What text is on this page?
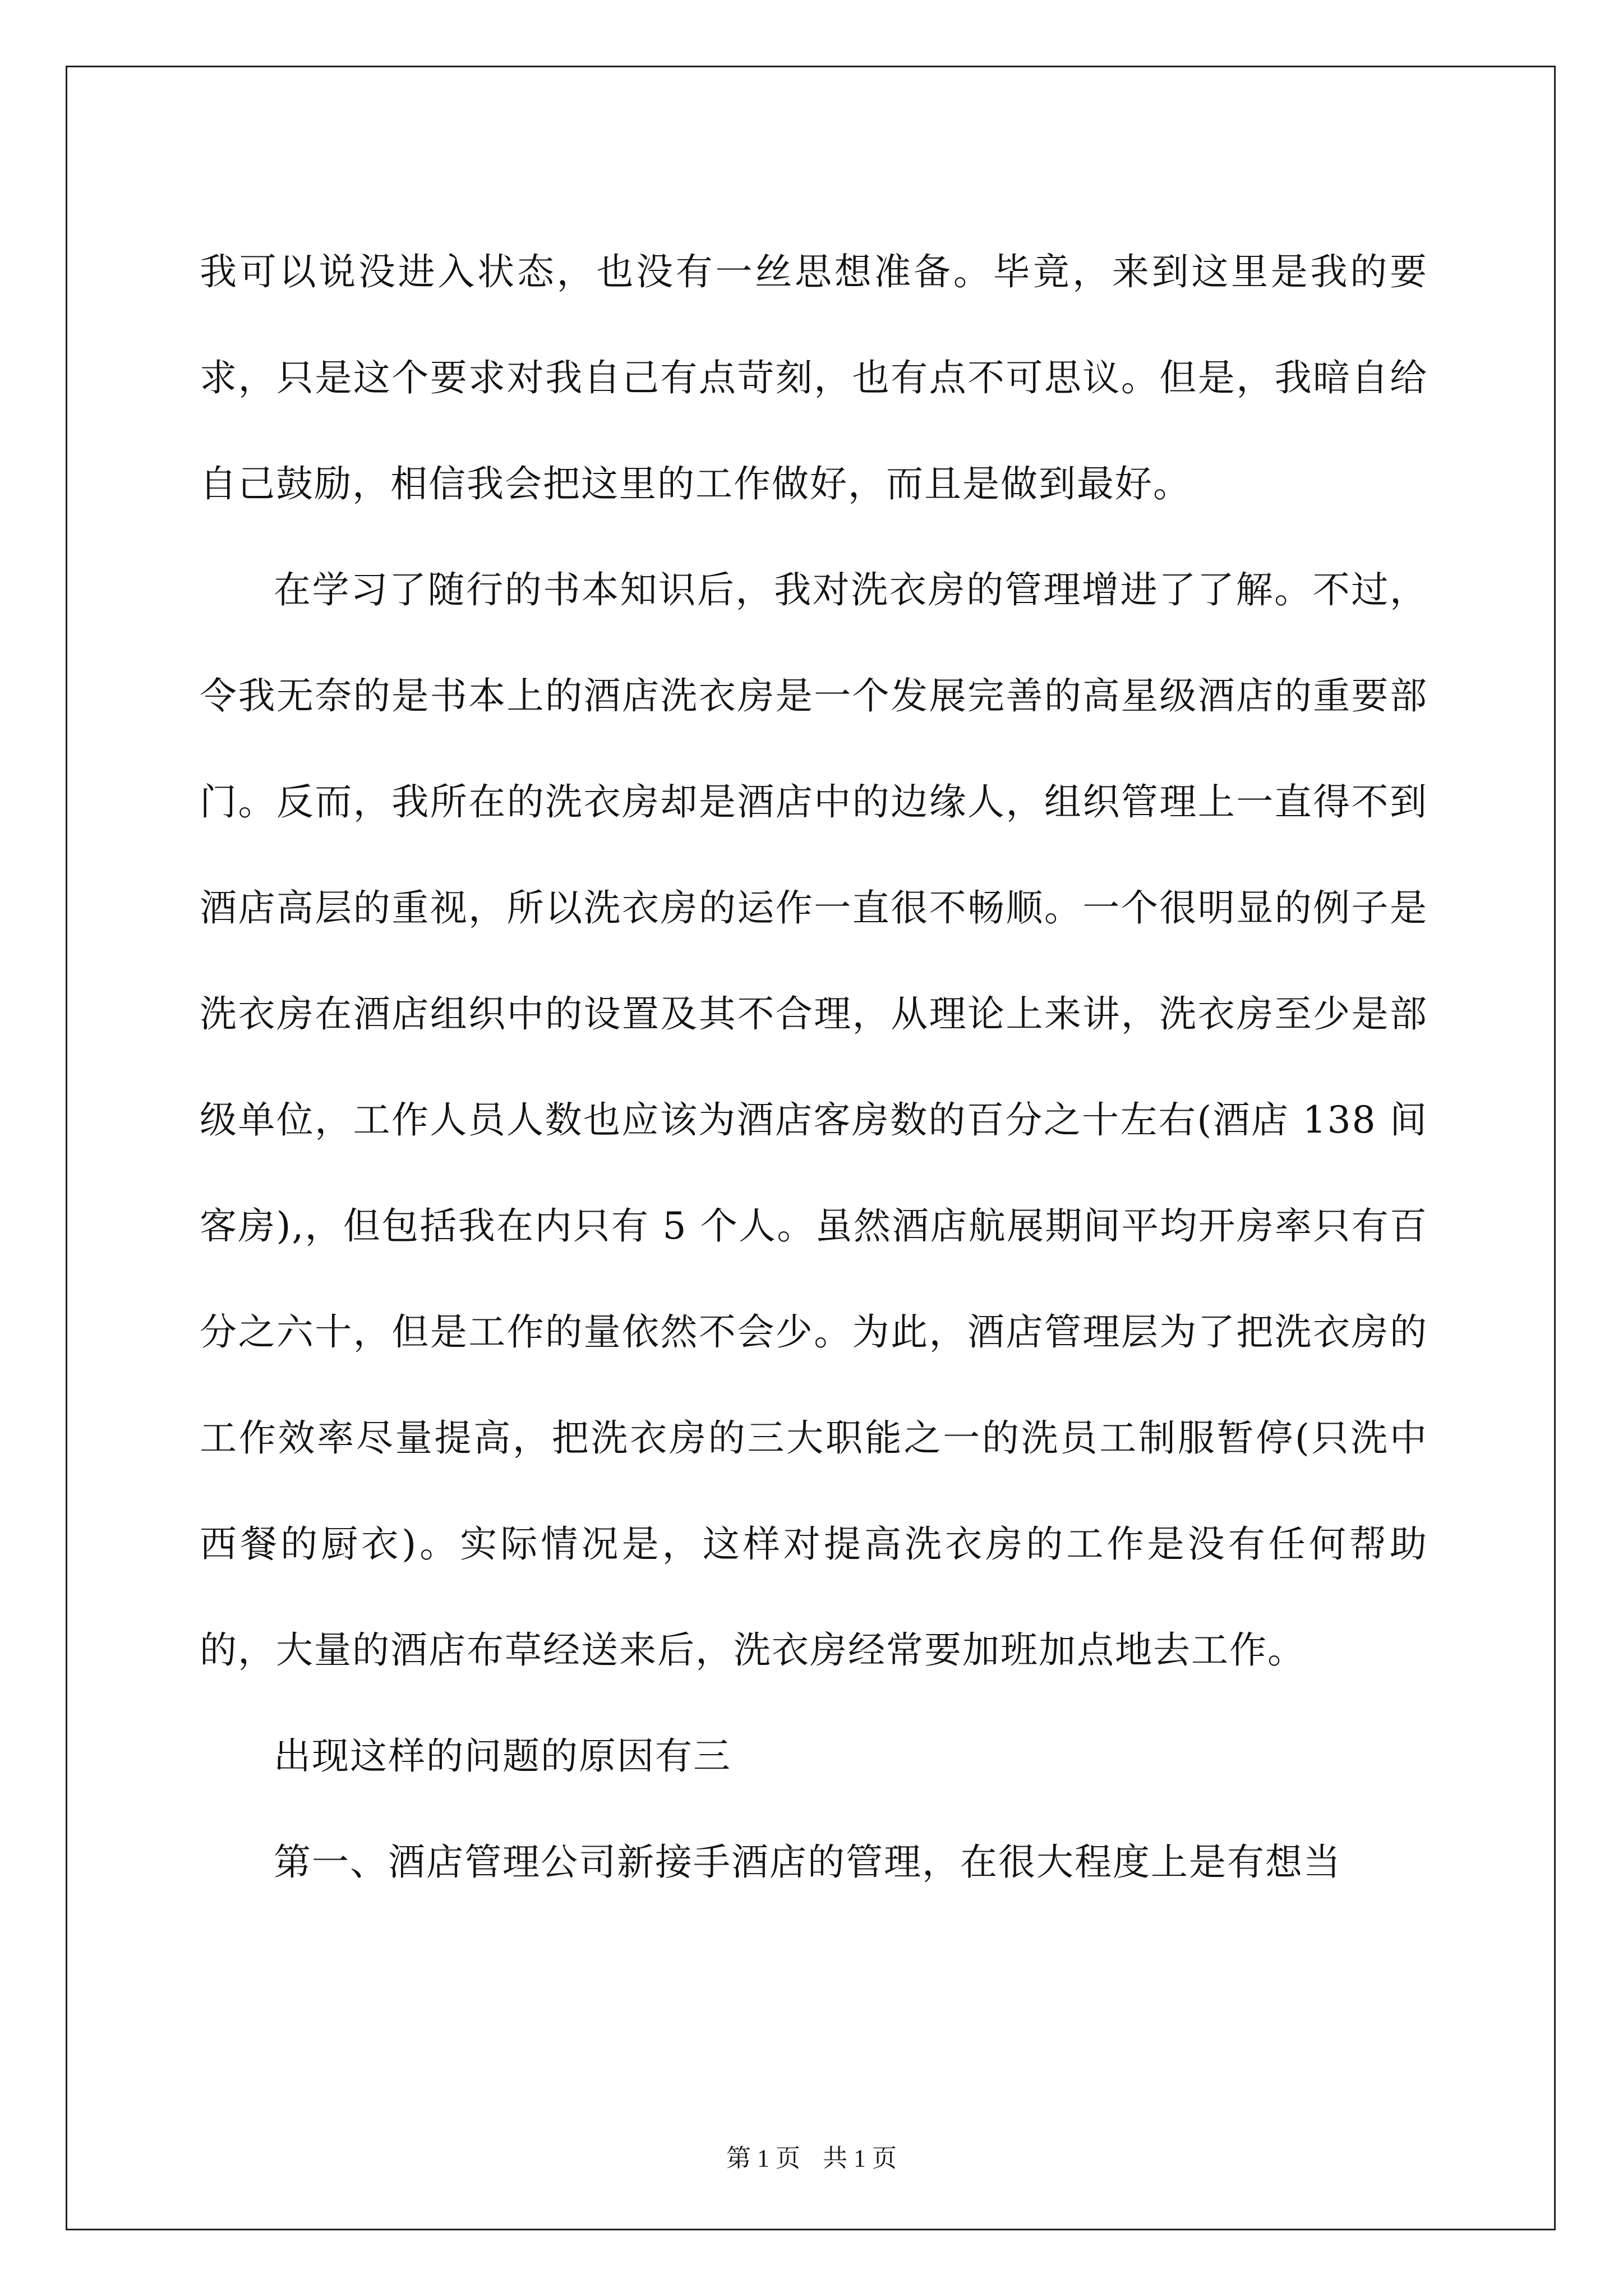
我可以说没进入状态，也没有一丝思想准备。毕竟，来到这里是我的要求，只是这个要求对我自己有点苛刻，也有点不可思议。但是，我暗自给自己鼓励，相信我会把这里的工作做好，而且是做到最好。

在学习了随行的书本知识后，我对洗衣房的管理增进了了解。不过，令我无奈的是书本上的酒店洗衣房是一个发展完善的高星级酒店的重要部门。反而，我所在的洗衣房却是酒店中的边缘人，组织管理上一直得不到酒店高层的重视，所以洗衣房的运作一直很不畅顺。一个很明显的例子是洗衣房在酒店组织中的设置及其不合理，从理论上来讲，洗衣房至少是部级单位，工作人员人数也应该为酒店客房数的百分之十左右(酒店 138 间客房),，但包括我在内只有 5 个人。虽然酒店航展期间平均开房率只有百分之六十，但是工作的量依然不会少。为此，酒店管理层为了把洗衣房的工作效率尽量提高，把洗衣房的三大职能之一的洗员工制服暂停(只洗中西餐的厨衣)。实际情况是，这样对提高洗衣房的工作是没有任何帮助的，大量的酒店布草经送来后，洗衣房经常要加班加点地去工作。

出现这样的问题的原因有三

第一、酒店管理公司新接手酒店的管理，在很大程度上是有想当

第 1 页 共 1 页
